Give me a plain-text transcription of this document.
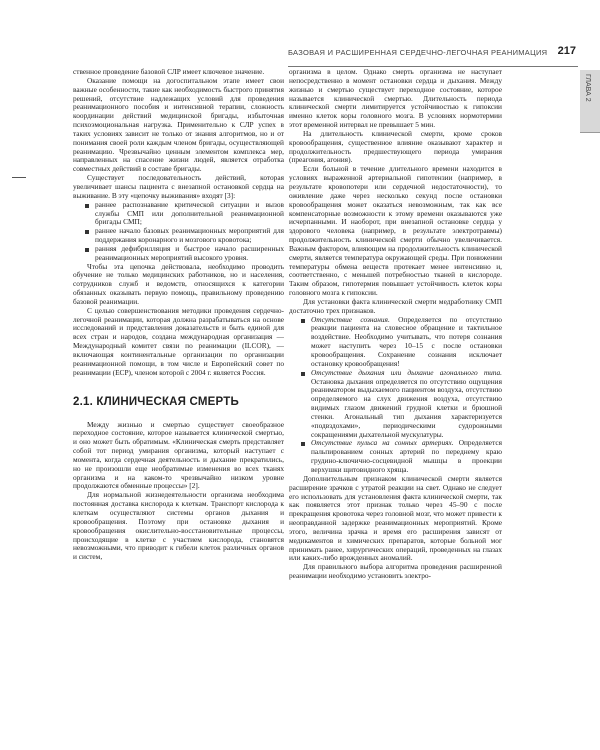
БАЗОВАЯ И РАСШИРЕННАЯ СЕРДЕЧНО-ЛЕГОЧНАЯ РЕАНИМАЦИЯ 217
ГЛАВА 2

ственное проведение базовой СЛР имеет ключевое значение.

Оказание помощи на догоспитальном этапе имеет свои важные особенности, такие как необходимость быстрого принятия решений, отсутствие надлежащих условий для проведения реанимационного пособия и интенсивной терапии, сложность координации действий медицинской бригады, избыточная психоэмоциональная нагрузка. Применительно к СЛР успех в таких условиях зависит не только от знания алгоритмов, но и от понимания своей роли каждым членом бригады, осуществляющей реанимацию. Чрезвычайно ценным элементом комплекса мер, направленных на спасение жизни людей, является отработка совместных действий в составе бригады.

Существует последовательность действий, которая увеличивает шансы пациента с внезапной остановкой сердца на выживание. В эту «цепочку выживания» входят [3]:

раннее распознавание критической ситуации и вызов службы СМП или дополнительной реанимационной бригады СМП;
раннее начало базовых реанимационных мероприятий для поддержания коронарного и мозгового кровотока;
ранняя дефибрилляция и быстрое начало расширенных реанимационных мероприятий высокого уровня.

Чтобы эта цепочка действовала, необходимо проводить обучение не только медицинских работников, но и населения, сотрудников служб и ведомств, относящихся к категории обязанных оказывать первую помощь, правильному проведению базовой реанимации.

С целью совершенствования методики проведения сердечно-легочной реанимации, которая должна разрабатываться на основе исследований и представления доказательств и быть единой для всех стран и народов, создана международная организация — Международный комитет связи по реанимации (ILCOR), — включающая континентальные организации по организации реанимационной помощи, в том числе и Европейский совет по реанимации (ЕСР), членом которой с 2004 г. является Россия.

2.1. КЛИНИЧЕСКАЯ СМЕРТЬ

Между жизнью и смертью существует своеобразное переходное состояние, которое называется клинической смертью, и оно может быть обратимым. «Клиническая смерть представляет собой тот период умирания организма, который наступает с момента, когда сердечная деятельность и дыхание прекратились, но не произошли еще необратимые изменения во всех тканях организма и на каком-то чрезвычайно низком уровне продолжаются обменные процессы» [2].

Для нормальной жизнедеятельности организма необходима постоянная доставка кислорода к клеткам. Транспорт кислорода к клеткам осуществляют системы органов дыхания и кровообращения. Поэтому при остановке дыхания и кровообращения окислительно-восстановительные процессы, происходящие в клетке с участием кислорода, становятся невозможными, что приводит к гибели клеток различных органов и систем,

организма в целом. Однако смерть организма не наступает непосредственно в момент остановки сердца и дыхания. Между жизнью и смертью существует переходное состояние, которое называется клинической смертью. Длительность периода клинической смерти лимитируется устойчивостью к гипоксии именно клеток коры головного мозга. В условиях нормотермии этот временной интервал не превышает 5 мин.

На длительность клинической смерти, кроме сроков кровообращения, существенное влияние оказывают характер и продолжительность предшествующего периода умирания (преагония, агония).

Если больной в течение длительного времени находится в условиях выраженной артериальной гипотензии (например, в результате кровопотери или сердечной недостаточности), то оживление даже через несколько секунд после остановки кровообращения может оказаться невозможным, так как все компенсаторные возможности к этому времени оказываются уже исчерпанными. И наоборот, при внезапной остановке сердца у здорового человека (например, в результате электротравмы) продолжительность клинической смерти обычно увеличивается. Важным фактором, влияющим на продолжительность клинической смерти, является температура окружающей среды. При понижении температуры обмена веществ протекает менее интенсивно и, соответственно, с меньшей потребностью тканей в кислороде. Таким образом, гипотермия повышает устойчивость клеток коры головного мозга к гипоксии.

Для установки факта клинической смерти медработнику СМП достаточно трех признаков.

Отсутствие сознания. Определяется по отсутствию реакции пациента на словесное обращение и тактильное воздействие. Необходимо учитывать, что потеря сознания может наступить через 10–15 с после остановки кровообращения. Сохранение сознания исключает остановку кровообращения!
Отсутствие дыхания или дыхание агонального типа. Остановка дыхания определяется по отсутствию ощущения реаниматором выдыхаемого пациентом воздуха, отсутствию определяемого на слух движения воздуха, отсутствию видимых глазом движений грудной клетки и брюшной стенки. Агональный тип дыхания характеризуется «подвздохами», периодическими судорожными сокращениями дыхательной мускулатуры.
Отсутствие пульса на сонных артериях. Определяется пальпированием сонных артерий по переднему краю грудино-ключично-сосцевидной мышцы в проекции верхушки щитовидного хряща.

Дополнительным признаком клинической смерти является расширение зрачков с утратой реакции на свет. Однако не следует его использовать для установления факта клинической смерти, так как появляется этот признак только через 45–90 с после прекращения кровотока через головной мозг, что может привести к неоправданной задержке реанимационных мероприятий. Кроме этого, величина зрачка и время его расширения зависят от медикаментов и химических препаратов, которые больной мог принимать ранее, хирургических операций, проведенных на глазах или каких-либо врожденных аномалий.

Для правильного выбора алгоритма проведения расширенной реанимации необходимо установить электро-
